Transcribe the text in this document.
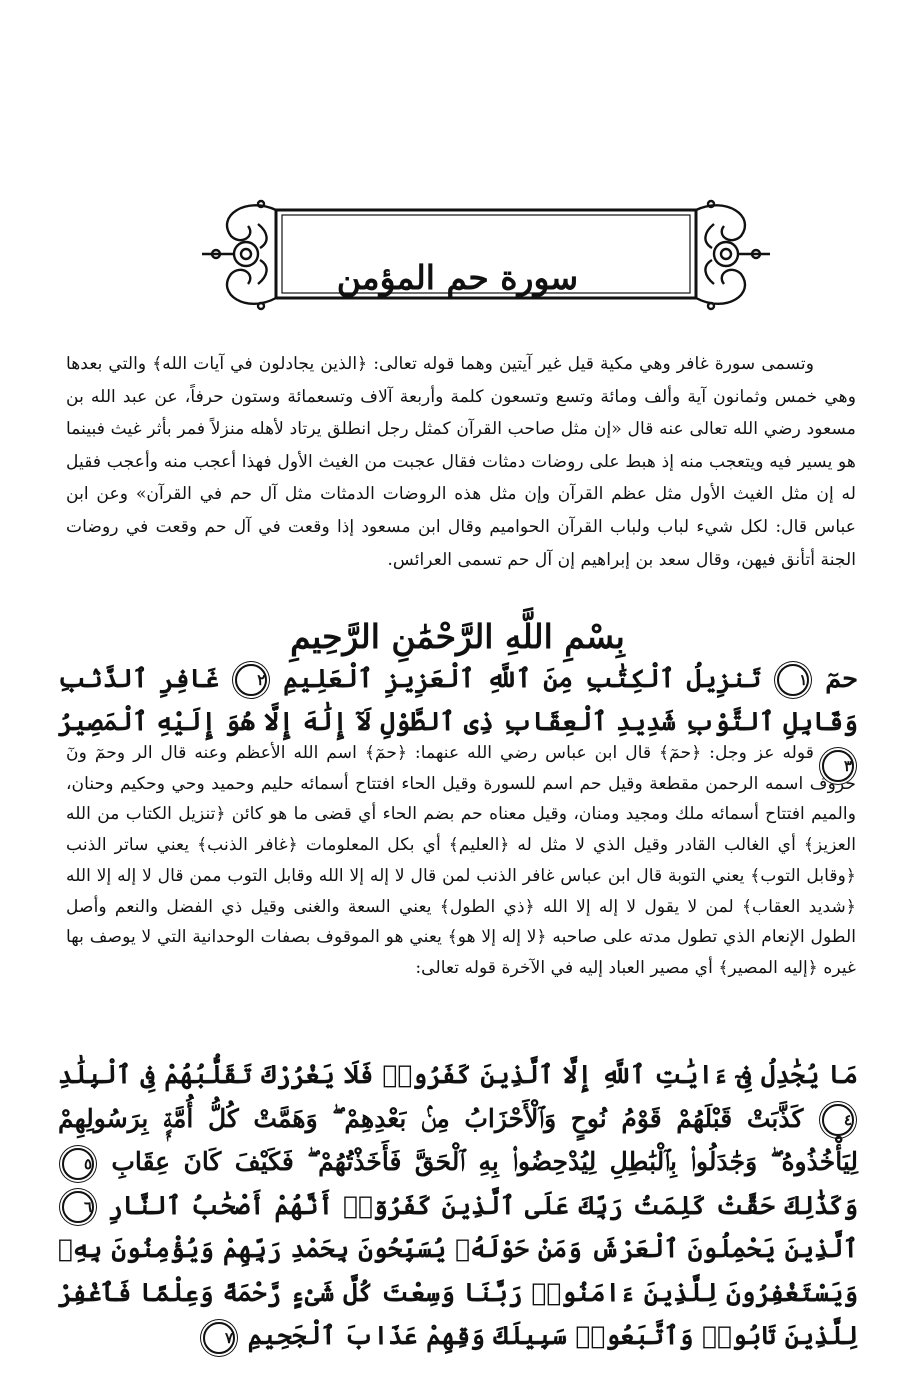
سورة حم المؤمن

وتسمى سورة غافر وهي مكية قيل غير آيتين وهما قوله تعالى: ﴿الذين يجادلون في آيات الله﴾ والتي بعدها وهي خمس وثمانون آية وألف ومائة وتسع وتسعون كلمة وأربعة آلاف وتسعمائة وستون حرفاً، عن عبد الله بن مسعود رضي الله تعالى عنه قال «إن مثل صاحب القرآن كمثل رجل انطلق يرتاد لأهله منزلاً فمر بأثر غيث فبينما هو يسير فيه ويتعجب منه إذ هبط على روضات دمثات فقال عجبت من الغيث الأول فهذا أعجب منه وأعجب فقيل له إن مثل الغيث الأول مثل عظم القرآن وإن مثل هذه الروضات الدمثات مثل آل حم في القرآن» وعن ابن عباس قال: لكل شيء لباب ولباب القرآن الحواميم وقال ابن مسعود إذا وقعت في آل حم وقعت في روضات الجنة أتأنق فيهن، وقال سعد بن إبراهيم إن آل حم تسمى العرائس.

بِسْمِ اللَّهِ الرَّحْمَٰنِ الرَّحِيمِ
حمٓ ١ تَنزِيلُ ٱلْكِتَٰبِ مِنَ ٱللَّهِ ٱلْعَزِيزِ ٱلْعَلِيمِ ٢ غَافِرِ ٱلذَّنۢبِ وَقَابِلِ ٱلتَّوْبِ شَدِيدِ ٱلْعِقَابِ ذِى ٱلطَّوْلِ لَآ إِلَٰهَ إِلَّا هُوَ إِلَيْهِ ٱلْمَصِيرُ ٣

قوله عز وجل: ﴿حمٓ﴾ قال ابن عباس رضي الله عنهما: ﴿حمٓ﴾ اسم الله الأعظم وعنه قال الر وحمٓ ونٓ حروف اسمه الرحمن مقطعة وقيل حم اسم للسورة وقيل الحاء افتتاح أسمائه حليم وحميد وحي وحكيم وحنان، والميم افتتاح أسمائه ملك ومجيد ومنان، وقيل معناه حم بضم الحاء أي قضى ما هو كائن ﴿تنزيل الكتاب من الله العزيز﴾ أي الغالب القادر وقيل الذي لا مثل له ﴿العليم﴾ أي بكل المعلومات ﴿غافر الذنب﴾ يعني ساتر الذنب ﴿وقابل التوب﴾ يعني التوبة قال ابن عباس غافر الذنب لمن قال لا إله إلا الله وقابل التوب ممن قال لا إله إلا الله ﴿شديد العقاب﴾ لمن لا يقول لا إله إلا الله ﴿ذي الطول﴾ يعني السعة والغنى وقيل ذي الفضل والنعم وأصل الطول الإنعام الذي تطول مدته على صاحبه ﴿لا إله إلا هو﴾ يعني هو الموقوف بصفات الوحدانية التي لا يوصف بها غيره ﴿إليه المصير﴾ أي مصير العباد إليه في الآخرة قوله تعالى:

مَا يُجَٰدِلُ فِىٓ ءَايَٰتِ ٱللَّهِ إِلَّا ٱلَّذِينَ كَفَرُوا۟ فَلَا يَغْرُرْكَ تَقَلُّبُهُمْ فِى ٱلْبِلَٰدِ ٤ كَذَّبَتْ قَبْلَهُمْ قَوْمُ نُوحٍ وَٱلْأَحْزَابُ مِنۢ بَعْدِهِمْ ۖ وَهَمَّتْ كُلُّ أُمَّةٍۭ بِرَسُولِهِمْ لِيَأْخُذُوهُ ۖ وَجَٰدَلُوا۟ بِٱلْبَٰطِلِ لِيُدْحِضُوا۟ بِهِ ٱلْحَقَّ فَأَخَذْتُهُمْ ۖ فَكَيْفَ كَانَ عِقَابِ ٥ وَكَذَٰلِكَ حَقَّتْ كَلِمَتُ رَبِّكَ عَلَى ٱلَّذِينَ كَفَرُوٓا۟ أَنَّهُمْ أَصْحَٰبُ ٱلنَّارِ ٦ ٱلَّذِينَ يَحْمِلُونَ ٱلْعَرْشَ وَمَنْ حَوْلَهُۥ يُسَبِّحُونَ بِحَمْدِ رَبِّهِمْ وَيُؤْمِنُونَ بِهِۦ وَيَسْتَغْفِرُونَ لِلَّذِينَ ءَامَنُوا۟ رَبَّنَا وَسِعْتَ كُلَّ شَىْءٍ رَّحْمَةً وَعِلْمًا فَٱغْفِرْ لِلَّذِينَ تَابُوا۟ وَٱتَّبَعُوا۟ سَبِيلَكَ وَقِهِمْ عَذَابَ ٱلْجَحِيمِ ٧
